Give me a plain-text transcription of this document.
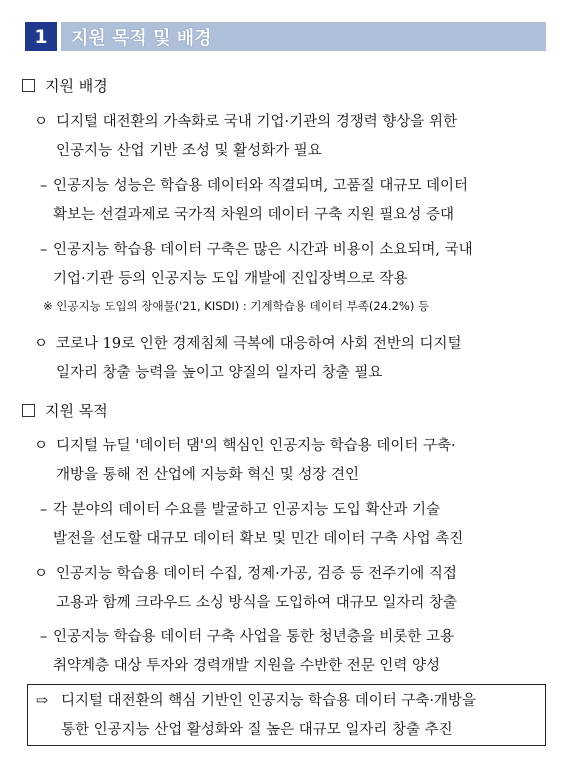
1	지원 목적 및 배경
지원 배경
ㅇ 디지털 대전환의 가속화로 국내 기업·기관의 경쟁력 향상을 위한
인공지능 산업 기반 조성 및 활성화가 필요
– 인공지능 성능은 학습용 데이터와 직결되며, 고품질 대규모 데이터
확보는 선결과제로 국가적 차원의 데이터 구축 지원 필요성 증대
– 인공지능 학습용 데이터 구축은 많은 시간과 비용이 소요되며, 국내
기업·기관 등의 인공지능 도입 개발에 진입장벽으로 작용
※ 인공지능 도입의 장애물('21, KISDI) : 기계학습용 데이터 부족(24.2%) 등
ㅇ 코로나 19로 인한 경제침체 극복에 대응하여 사회 전반의 디지털
일자리 창출 능력을 높이고 양질의 일자리 창출 필요
지원 목적
ㅇ 디지털 뉴딜 '데이터 댐'의 핵심인 인공지능 학습용 데이터 구축·
개방을 통해 전 산업에 지능화 혁신 및 성장 견인
– 각 분야의 데이터 수요를 발굴하고 인공지능 도입 확산과 기술
발전을 선도할 대규모 데이터 확보 및 민간 데이터 구축 사업 촉진
ㅇ 인공지능 학습용 데이터 수집, 정제·가공, 검증 등 전주기에 직접
고용과 함께 크라우드 소싱 방식을 도입하여 대규모 일자리 창출
– 인공지능 학습용 데이터 구축 사업을 통한 청년층을 비롯한 고용
취약계층 대상 투자와 경력개발 지원을 수반한 전문 인력 양성
⇨ 디지털 대전환의 핵심 기반인 인공지능 학습용 데이터 구축·개방을
통한 인공지능 산업 활성화와 질 높은 대규모 일자리 창출 추진
